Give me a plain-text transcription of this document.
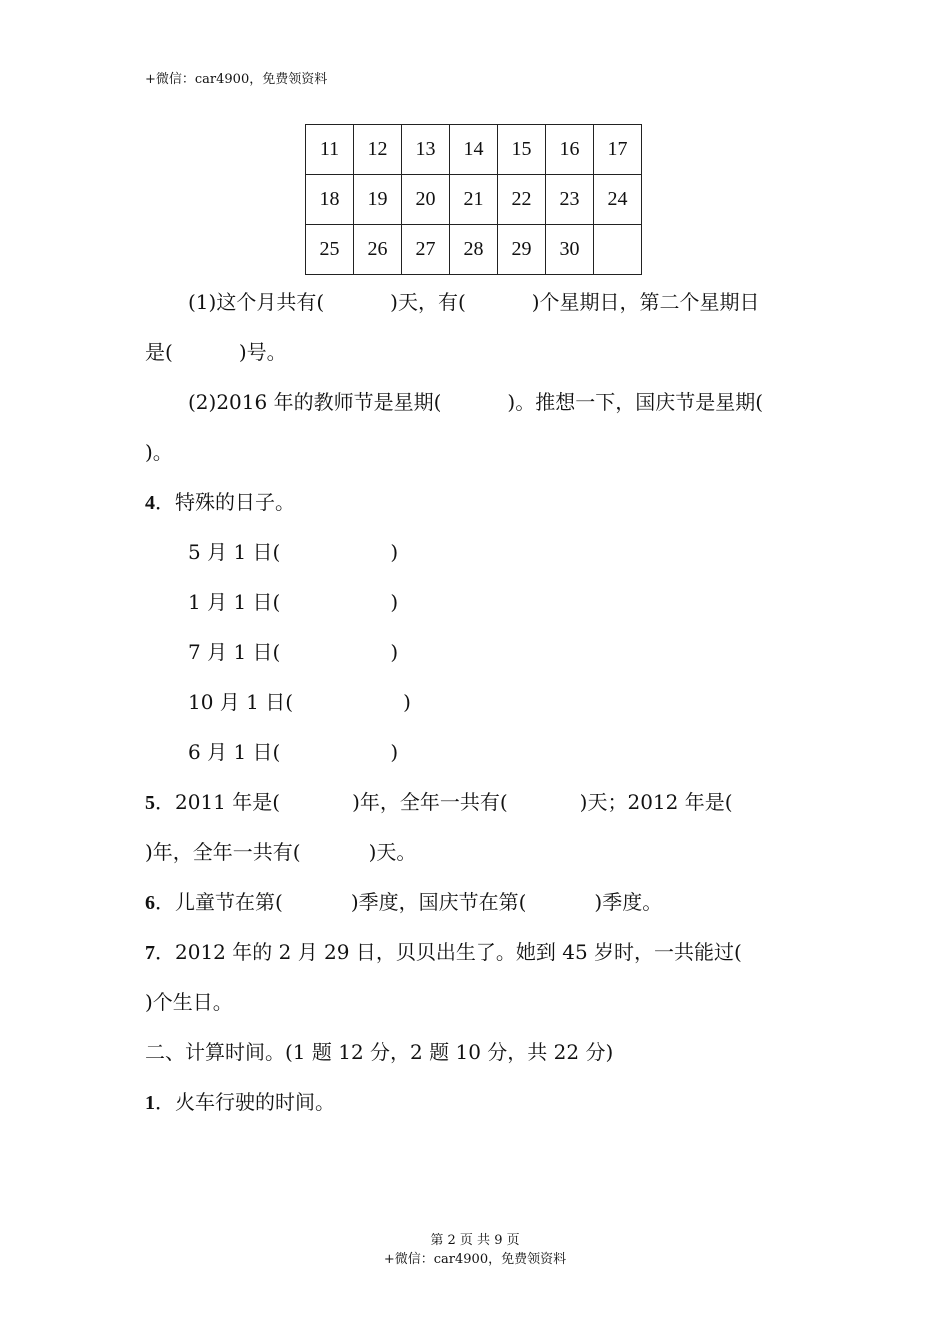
+微信：car4900，免费领资料
11	12	13	14	15	16	17
18	19	20	21	22	23	24
25	26	27	28	29	30	
(1)这个月共有(	)天，有(	)个星期日，第二个星期日
是(	)号。
(2)2016 年的教师节是星期(	)。推想一下，国庆节是星期(
)。
4．特殊的日子。
5 月 1 日(	)
1 月 1 日(	)
7 月 1 日(	)
10 月 1 日(	)
6 月 1 日(	)
5．2011 年是(	)年，全年一共有(	)天；2012 年是(
)年，全年一共有(	)天。
6．儿童节在第(	)季度，国庆节在第(	)季度。
7．2012 年的 2 月 29 日，贝贝出生了。她到 45 岁时，一共能过(
)个生日。
二、计算时间。(1 题 12 分，2 题 10 分，共 22 分)
1．火车行驶的时间。
第 2 页 共 9 页
+微信：car4900，免费领资料
